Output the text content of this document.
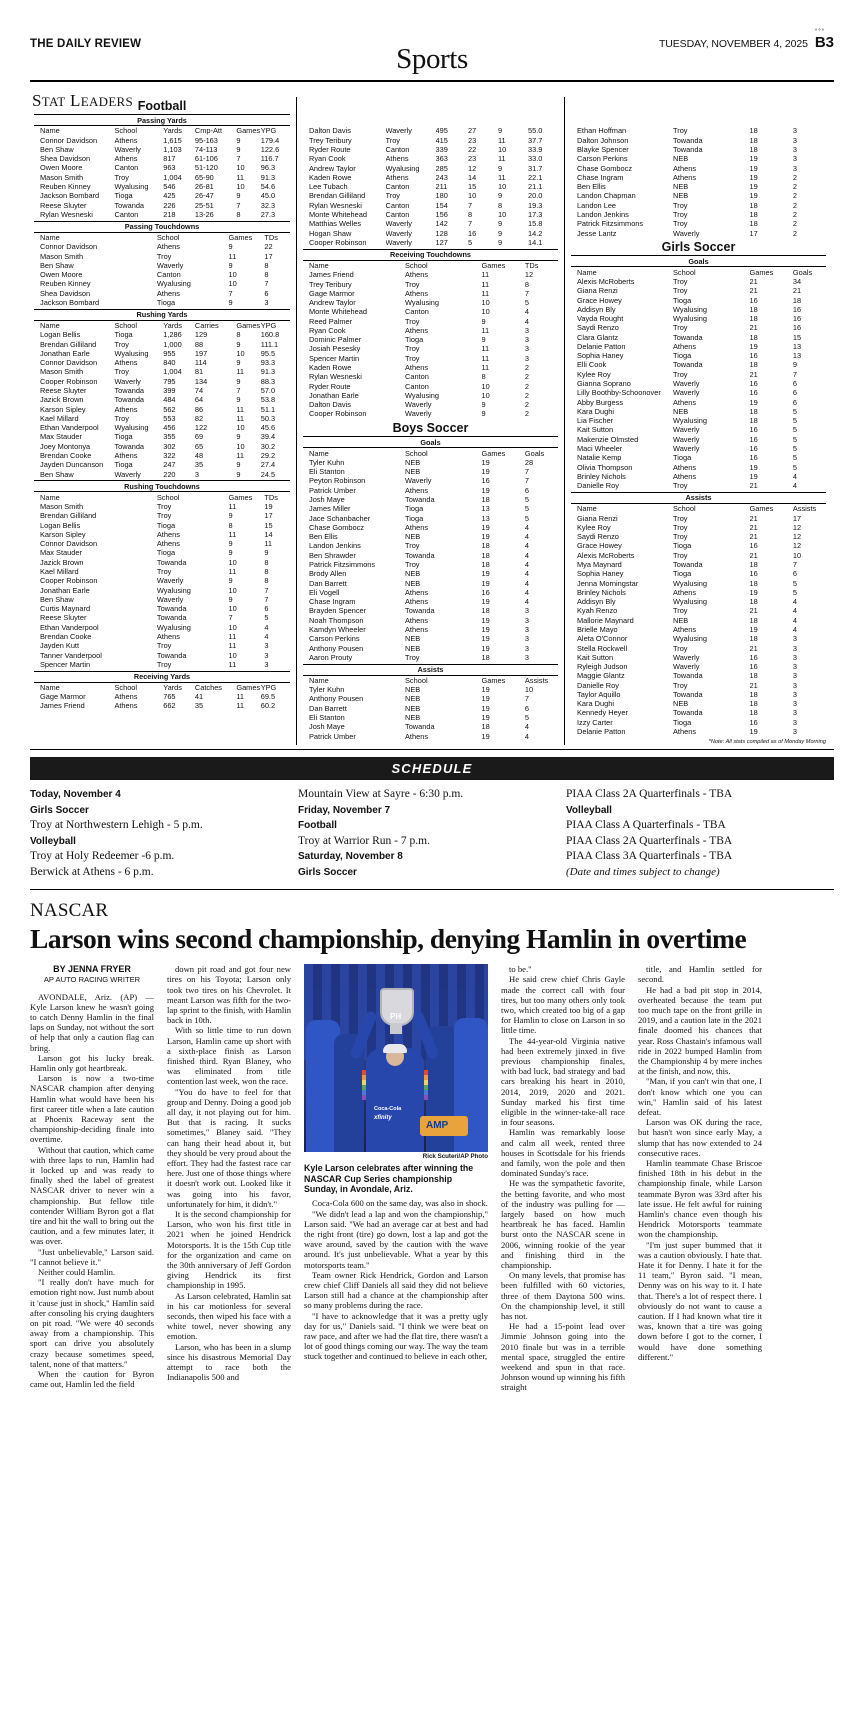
THE DAILY REVIEW	TUESDAY, NOVEMBER 4, 2025
°°°
B3
Sports
STAT LEADERS Football
Passing Yards
Name	School	Yards	Cmp-Att	Games	YPG
Connor Davidson	Athens	1,615	95-163	9	179.4
Ben Shaw	Waverly	1,103	74-113	9	122.6
Shea Davidson	Athens	817	61-106	7	116.7
Owen Moore	Canton	963	51-120	10	96.3
Mason Smith	Troy	1,004	65-90	11	91.3
Reuben Kinney	Wyalusing	546	26-81	10	54.6
Jackson Bombard	Tioga	425	26-47	9	45.0
Reese Sluyter	Towanda	226	25-51	7	32.3
Rylan Wesneski	Canton	218	13-26	8	27.3
Passing Touchdowns
Name	School	Games	TDs
Connor Davidson	Athens	9	22
Mason Smith	Troy	11	17
Ben Shaw	Waverly	9	8
Owen Moore	Canton	10	8
Reuben Kinney	Wyalusing	10	7
Shea Davidson	Athens	7	6
Jackson Bombard	Tioga	9	3
Rushing Yards
Name	School	Yards	Carries	Games	YPG
Logan Bellis	Tioga	1,286	129	8	160.8
Brendan Gilliland	Troy	1,000	88	9	111.1
Jonathan Earle	Wyalusing	955	197	10	95.5
Connor Davidson	Athens	840	114	9	93.3
Mason Smith	Troy	1,004	81	11	91.3
Cooper Robinson	Waverly	795	134	9	88.3
Reese Sluyter	Towanda	399	74	7	57.0
Jazick Brown	Towanda	484	64	9	53.8
Karson Sipley	Athens	562	86	11	51.1
Kael Millard	Troy	553	82	11	50.3
Ethan Vanderpool	Wyalusing	456	122	10	45.6
Max Stauder	Tioga	355	69	9	39.4
Joey Montonya	Towanda	302	65	10	30.2
Brendan Cooke	Athens	322	48	11	29.2
Jayden Duncanson	Tioga	247	35	9	27.4
Ben Shaw	Waverly	220	3	9	24.5
Rushing Touchdowns
Name	School	Games	TDs
Mason Smith	Troy	11	19
Brendan Gilliland	Troy	9	17
Logan Bellis	Tioga	8	15
Karson Sipley	Athens	11	14
Connor Davidson	Athens	9	11
Max Stauder	Tioga	9	9
Jazick Brown	Towanda	10	8
Kael Millard	Troy	11	8
Cooper Robinson	Waverly	9	8
Jonathan Earle	Wyalusing	10	7
Ben Shaw	Waverly	9	7
Curtis Maynard	Towanda	10	6
Reese Sluyter	Towanda	7	5
Ethan Vanderpool	Wyalusing	10	4
Brendan Cooke	Athens	11	4
Jayden Kutt	Troy	11	3
Tanner Vanderpool	Towanda	10	3
Spencer Martin	Troy	11	3
Receiving Yards
Name	School	Yards	Catches	Games	YPG
Gage Marmor	Athens	765	41	11	69.5
James Friend	Athens	662	35	11	60.2
Dalton Davis	Waverly	495	27	9	55.0
Trey Teribury	Troy	415	23	11	37.7
Ryder Route	Canton	339	22	10	33.9
Ryan Cook	Athens	363	23	11	33.0
Andrew Taylor	Wyalusing	285	12	9	31.7
Kaden Rowe	Athens	243	14	11	22.1
Lee Tubach	Canton	211	15	10	21.1
Brendan Gilliland	Troy	180	10	9	20.0
Rylan Wesneski	Canton	154	7	8	19.3
Monte Whitehead	Canton	156	8	10	17.3
Matthias Welles	Waverly	142	7	9	15.8
Hogan Shaw	Waverly	128	16	9	14.2
Cooper Robinson	Waverly	127	5	9	14.1
Receiving Touchdowns
Name	School	Games	TDs
James Friend	Athens	11	12
Trey Teribury	Troy	11	8
Gage Marmor	Athens	11	7
Andrew Taylor	Wyalusing	10	5
Monte Whitehead	Canton	10	4
Reed Palmer	Troy	9	4
Ryan Cook	Athens	11	3
Dominic Palmer	Tioga	9	3
Josiah Pesesky	Troy	11	3
Spencer Martin	Troy	11	3
Kaden Rowe	Athens	11	2
Rylan Wesneski	Canton	8	2
Ryder Route	Canton	10	2
Jonathan Earle	Wyalusing	10	2
Dalton Davis	Waverly	9	2
Cooper Robinson	Waverly	9	2
Boys Soccer
Goals
Name	School	Games	Goals
Tyler Kuhn	NEB	19	28
Eli Stanton	NEB	19	7
Peyton Robinson	Waverly	16	7
Patrick Umber	Athens	19	6
Josh Maye	Towanda	18	5
James Miller	Tioga	13	5
Jace Schanbacher	Tioga	13	5
Chase Gombocz	Athens	19	4
Ben Ellis	NEB	19	4
Landon Jenkins	Troy	18	4
Ben Shrawder	Towanda	18	4
Patrick Fitzsimmons	Troy	18	4
Brody Allen	NEB	19	4
Dan Barrett	NEB	19	4
Eli Vogell	Athens	16	4
Chase Ingram	Athens	19	4
Brayden Spencer	Towanda	18	3
Noah Thompson	Athens	19	3
Kamdyn Wheeler	Athens	19	3
Carson Perkins	NEB	19	3
Anthony Pousen	NEB	19	3
Aaron Prouty	Troy	18	3
Assists
Name	School	Games	Assists
Tyler Kuhn	NEB	19	10
Anthony Pousen	NEB	19	7
Dan Barrett	NEB	19	6
Eli Stanton	NEB	19	5
Josh Maye	Towanda	18	4
Patrick Umber	Athens	19	4
Ethan Hoffman	Troy	18	3
Dalton Johnson	Towanda	18	3
Blayke Spencer	Towanda	18	3
Carson Perkins	NEB	19	3
Chase Gombocz	Athens	19	3
Chase Ingram	Athens	19	2
Ben Ellis	NEB	19	2
Landon Chapman	NEB	19	2
Landon Lee	Troy	18	2
Landon Jenkins	Troy	18	2
Patrick Fitzsimmons	Troy	18	2
Jesse Lantz	Waverly	17	2
Girls Soccer
Goals
Name	School	Games	Goals
Alexis McRoberts	Troy	21	34
Giana Renzi	Troy	21	21
Grace Howey	Tioga	16	18
Addisyn Bly	Wyalusing	18	16
Vayda Rought	Wyalusing	18	16
Saydi Renzo	Troy	21	16
Clara Glantz	Towanda	18	15
Delanie Patton	Athens	19	13
Sophia Haney	Tioga	16	13
Elli Cook	Towanda	18	9
Kylee Roy	Troy	21	7
Gianna Soprano	Waverly	16	6
Lilly Boothby-Schoonover	Waverly	16	6
Abby Burgess	Athens	19	6
Kara Dughi	NEB	18	5
Lia Fischer	Wyalusing	18	5
Kait Sutton	Waverly	16	5
Makenzie Olmsted	Waverly	16	5
Maci Wheeler	Waverly	16	5
Natalie Kemp	Tioga	16	5
Olivia Thompson	Athens	19	5
Brinley Nichols	Athens	19	4
Danielle Roy	Troy	21	4
Assists
Name	School	Games	Assists
Giana Renzi	Troy	21	17
Kylee Roy	Troy	21	12
Saydi Renzo	Troy	21	12
Grace Howey	Tioga	16	12
Alexis McRoberts	Troy	21	10
Mya Maynard	Towanda	18	7
Sophia Haney	Tioga	16	6
Jenna Morningstar	Wyalusing	18	5
Brinley Nichols	Athens	19	5
Addisyn Bly	Wyalusing	18	4
Kyah Renzo	Troy	21	4
Mallorie Maynard	NEB	18	4
Brielle Mayo	Athens	19	4
Aleta O'Connor	Wyalusing	18	3
Stella Rockwell	Troy	21	3
Kait Sutton	Waverly	16	3
Ryleigh Judson	Waverly	16	3
Maggie Glantz	Towanda	18	3
Danielle Roy	Troy	21	3
Taylor Aquillo	Towanda	18	3
Kara Dughi	NEB	18	3
Kennedy Heyer	Towanda	18	3
Izzy Carter	Tioga	16	3
Delanie Patton	Athens	19	3
*Note: All stats compiled as of Monday Morning
SCHEDULE
Today, November 4
Girls Soccer
Troy at Northwestern Lehigh - 5 p.m.
Volleyball
Troy at Holy Redeemer -6 p.m.
Berwick at Athens - 6 p.m.
Mountain View at Sayre - 6:30 p.m.
Friday, November 7
Football
Troy at Warrior Run - 7 p.m.
Saturday, November 8
Girls Soccer
PIAA Class 2A Quarterfinals - TBA
Volleyball
PIAA Class A Quarterfinals - TBA
PIAA Class 2A Quarterfinals - TBA
PIAA Class 3A Quarterfinals - TBA
(Date and times subject to change)
NASCAR
Larson wins second championship, denying Hamlin in overtime
BY JENNA FRYER
AP AUTO RACING WRITER

AVONDALE, Ariz. (AP) — Kyle Larson knew he wasn't going to catch Denny Hamlin in the final laps on Sunday, not without the sort of help that only a caution flag can bring.

Larson got his lucky break. Hamlin only got heartbreak.

Larson is now a two-time NASCAR champion after denying Hamlin what would have been his first career title when a late caution at Phoenix Raceway sent the championship-deciding finale into overtime.

Without that caution, which came with three laps to run, Hamlin had it locked up and was ready to finally shed the label of greatest NASCAR driver to never win a championship. But fellow title contender William Byron got a flat tire and hit the wall to bring out the caution, and a few minutes later, it was over.

"Just unbelievable," Larson said. "I cannot believe it."

Neither could Hamlin.

"I really don't have much for emotion right now. Just numb about it 'cause just in shock," Hamlin said after consoling his crying daughters on pit road. "We were 40 seconds away from a championship. This sport can drive you absolutely crazy because sometimes speed, talent, none of that matters."

When the caution for Byron came out, Hamlin led the field

down pit road and got four new tires on his Toyota; Larson only took two tires on his Chevrolet. It meant Larson was fifth for the two-lap sprint to the finish, with Hamlin back in 10th.

With so little time to run down Larson, Hamlin came up short with a sixth-place finish as Larson finished third. Ryan Blaney, who was eliminated from title contention last week, won the race.

"You do have to feel for that group and Denny. Doing a good job all day, it not playing out for him. But that is racing. It sucks sometimes," Blaney said. "They can hang their head about it, but they should be very proud about the effort. They had the fastest race car here. Just one of those things where it doesn't work out. Looked like it was going into his favor, unfortunately for him, it didn't."

It is the second championship for Larson, who won his first title in 2021 when he joined Hendrick Motorsports. It is the 15th Cup title for the organization and came on the 30th anniversary of Jeff Gordon giving Hendrick its first championship in 1995.

As Larson celebrated, Hamlin sat in his car motionless for several seconds, then wiped his face with a white towel, never showing any emotion.

Larson, who has been in a slump since his disastrous Memorial Day attempt to race both the Indianapolis 500 and

PH
Coca-Cola
xfinity
AMP
Rick Scuteri/AP Photo
Kyle Larson celebrates after winning the NASCAR Cup Series championship Sunday, in Avondale, Ariz.

Coca-Cola 600 on the same day, was also in shock.

"We didn't lead a lap and won the championship," Larson said. "We had an average car at best and had the right front (tire) go down, lost a lap and got the wave around, saved by the caution with the wave around. It's just unbelievable. What a year by this motorsports team."

Team owner Rick Hendrick, Gordon and Larson crew chief Cliff Daniels all said they did not believe Larson still had a chance at the championship after so many problems during the race.

"I have to acknowledge that it was a pretty ugly day for us," Daniels said. "I think we were beat on raw pace, and after we had the flat tire, there wasn't a lot of good things coming our way. The way the team stuck together and continued to believe in each other,

to be."

He said crew chief Chris Gayle made the correct call with four tires, but too many others only took two, which created too big of a gap for Hamlin to close on Larson in so little time.

The 44-year-old Virginia native had been extremely jinxed in five previous championship finales, with bad luck, bad strategy and bad cars breaking his heart in 2010, 2014, 2019, 2020 and 2021. Sunday marked his first time eligible in the winner-take-all race in four seasons.

Hamlin was remarkably loose and calm all week, rented three houses in Scottsdale for his friends and family, won the pole and then dominated Sunday's race.

He was the sympathetic favorite, the betting favorite, and who most of the industry was pulling for — largely based on how much heartbreak he has faced. Hamlin burst onto the NASCAR scene in 2006, winning rookie of the year and finishing third in the championship.

On many levels, that promise has been fulfilled with 60 victories, three of them Daytona 500 wins. On the championship level, it still has not.

He had a 15-point lead over Jimmie Johnson going into the 2010 finale but was in a terrible mental space, struggled the entire weekend and spun in that race. Johnson wound up winning his fifth straight

title, and Hamlin settled for second.

He had a bad pit stop in 2014, overheated because the team put too much tape on the front grille in 2019, and a caution late in the 2021 finale doomed his chances that year. Ross Chastain's infamous wall ride in 2022 bumped Hamlin from the Championship 4 by mere inches at the finish, and now, this.

"Man, if you can't win that one, I don't know which one you can win," Hamlin said of his latest defeat.

Larson was OK during the race, but hasn't won since early May, a slump that has now extended to 24 consecutive races.

Hamlin teammate Chase Briscoe finished 18th in his debut in the championship finale, while Larson teammate Byron was 33rd after his late issue. He felt awful for ruining Hamlin's chance even though his Hendrick Motorsports teammate won the championship.

"I'm just super bummed that it was a caution obviously. I hate that. Hate it for Denny. I hate it for the 11 team," Byron said. "I mean, Denny was on his way to it. I hate that. There's a lot of respect there. I obviously do not want to cause a caution. If I had known what tire it was, known that a tire was going down before I got to the corner, I would have done something different."
